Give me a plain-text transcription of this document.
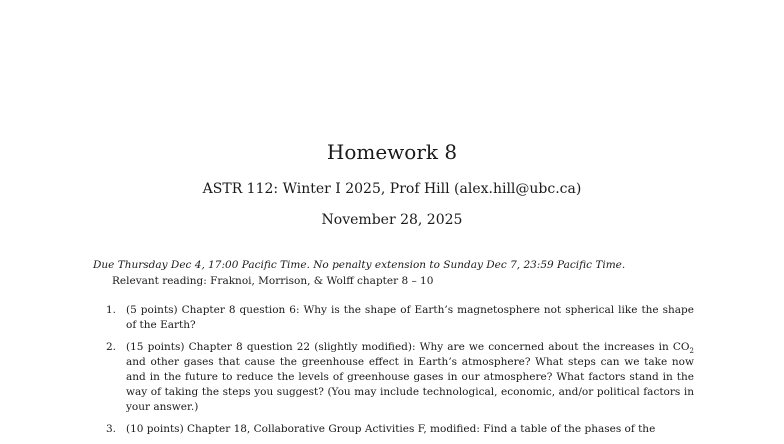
Homework 8
ASTR 112: Winter I 2025, Prof Hill (alex.hill@ubc.ca)
November 28, 2025
Due Thursday Dec 4, 17:00 Pacific Time. No penalty extension to Sunday Dec 7, 23:59 Pacific Time.
Relevant reading: Fraknoi, Morrison, & Wolff chapter 8 – 10
1. (5 points) Chapter 8 question 6: Why is the shape of Earth’s magnetosphere not spherical like the shape of the Earth?
2. (15 points) Chapter 8 question 22 (slightly modified): Why are we concerned about the increases in $CO_2$ and other gases that cause the greenhouse effect in Earth’s atmosphere? What steps can we take now and in the future to reduce the levels of greenhouse gases in our atmosphere? What factors stand in the way of taking the steps you suggest? (You may include technological, economic, and/or political factors in your answer.)
3. (10 points) Chapter 18, Collaborative Group Activities F, modified: Find a table of the phases of the
